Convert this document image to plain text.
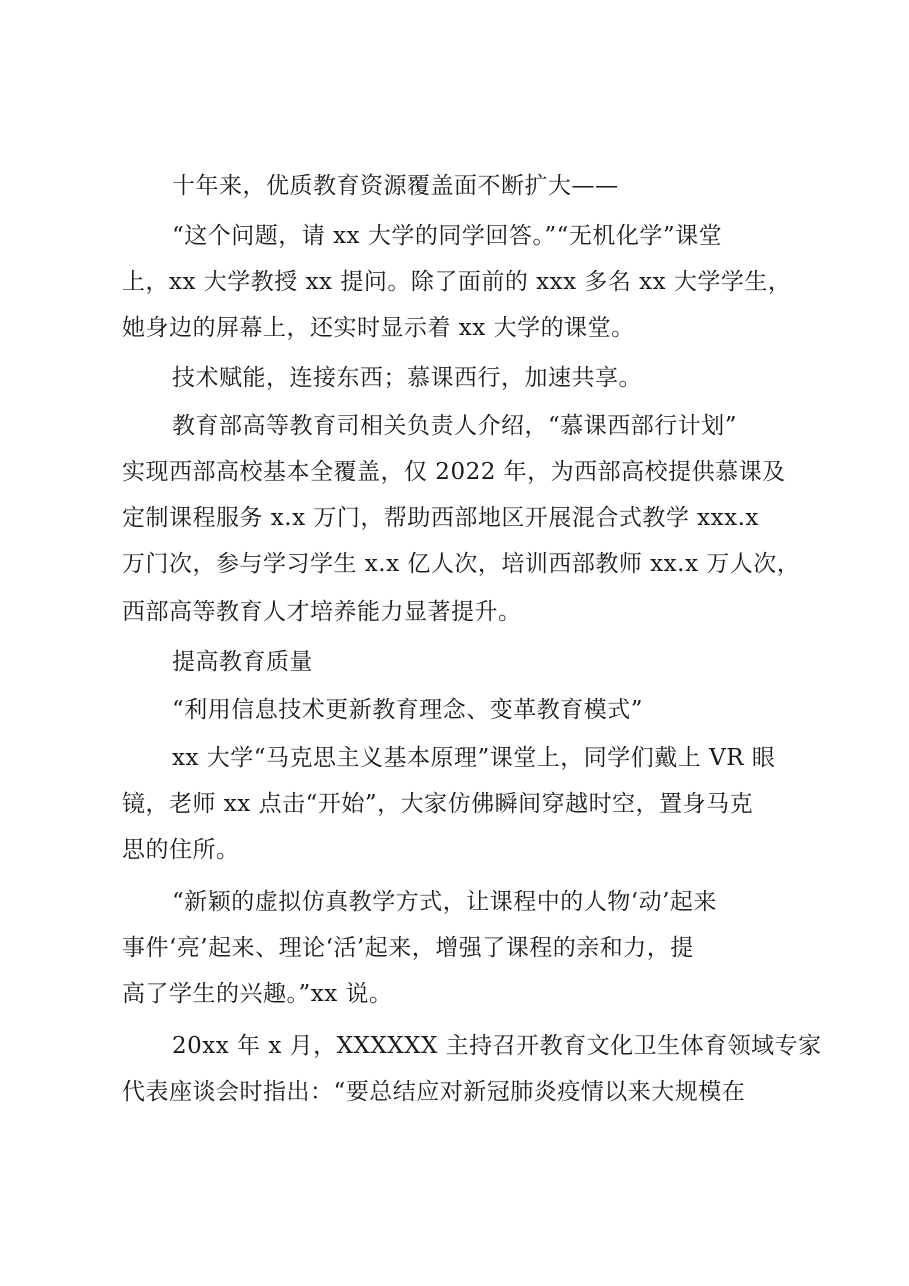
十年来，优质教育资源覆盖面不断扩大——
“这个问题，请 xx 大学的同学回答。”“无机化学”课堂
上，xx 大学教授 xx 提问。除了面前的 xxx 多名 xx 大学学生，
她身边的屏幕上，还实时显示着 xx 大学的课堂。
技术赋能，连接东西；慕课西行，加速共享。
教育部高等教育司相关负责人介绍，“慕课西部行计划”
实现西部高校基本全覆盖，仅 2022 年，为西部高校提供慕课及
定制课程服务 x.x 万门，帮助西部地区开展混合式教学 xxx.x
万门次，参与学习学生 x.x 亿人次，培训西部教师 xx.x 万人次，
西部高等教育人才培养能力显著提升。
提高教育质量
“利用信息技术更新教育理念、变革教育模式”
xx 大学“马克思主义基本原理”课堂上，同学们戴上 VR 眼
镜，老师 xx 点击“开始”，大家仿佛瞬间穿越时空，置身马克
思的住所。
“新颖的虚拟仿真教学方式，让课程中的人物‘动’起来
事件‘亮’起来、理论‘活’起来，增强了课程的亲和力，提
高了学生的兴趣。”xx 说。
20xx 年 x 月，XXXXXX 主持召开教育文化卫生体育领域专家
代表座谈会时指出：“要总结应对新冠肺炎疫情以来大规模在
